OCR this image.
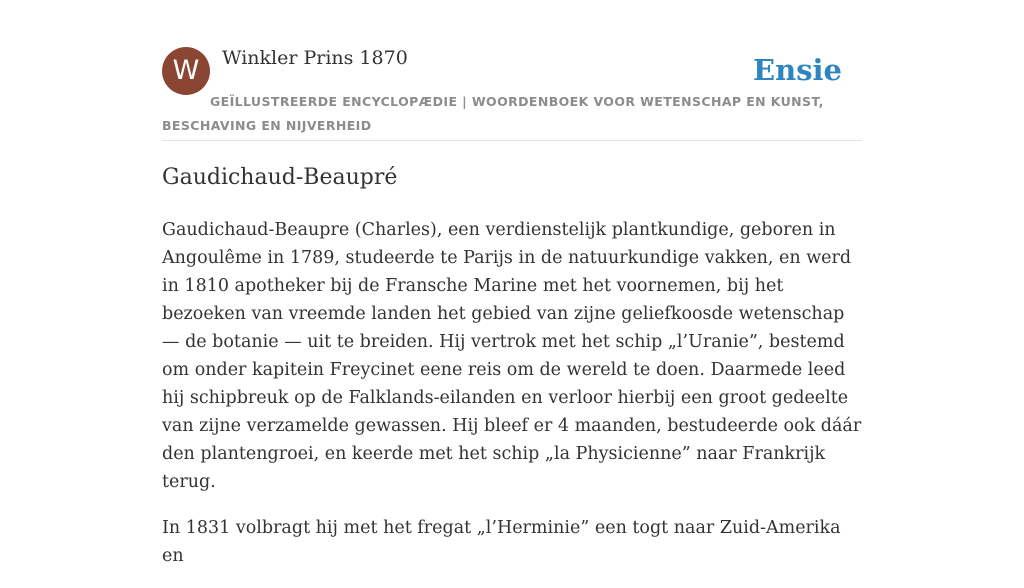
W	Winkler Prins 1870	Ensie
GEÏLLUSTREERDE ENCYCLOPÆDIE | WOORDENBOEK VOOR WETENSCHAP EN KUNST, BESCHAVING EN NIJVERHEID
Gaudichaud-Beaupré

Gaudichaud-Beaupre (Charles), een verdienstelijk plantkundige, geboren in Angoulême in 1789, studeerde te Parijs in de natuurkundige vakken, en werd in 1810 apotheker bij de Fransche Marine met het voornemen, bij het bezoeken van vreemde landen het gebied van zijne geliefkoosde wetenschap — de botanie — uit te breiden. Hij vertrok met het schip „l’Uranie”, bestemd om onder kapitein Freycinet eene reis om de wereld te doen. Daarmede leed hij schipbreuk op de Falklands-eilanden en verloor hierbij een groot gedeelte van zijne verzamelde gewassen. Hij bleef er 4 maanden, bestudeerde ook dáár den plantengroei, en keerde met het schip „la Physicienne” naar Frankrijk terug.

In 1831 volbragt hij met het fregat „l’Herminie” een togt naar Zuid-Amerika en
